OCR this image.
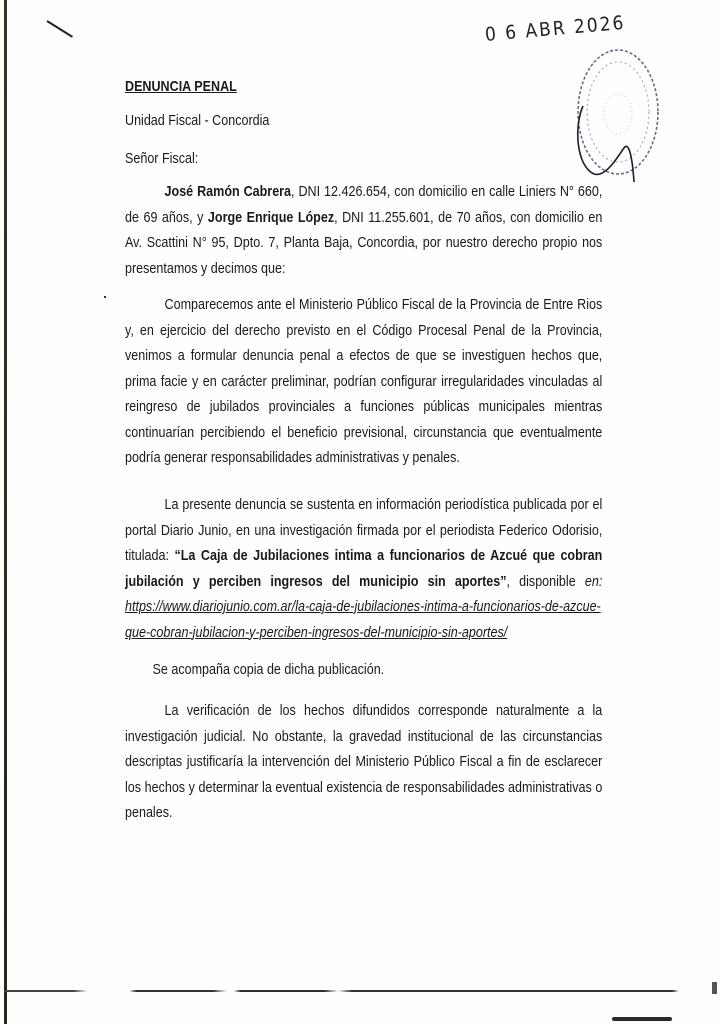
0 6 ABR 2026
DENUNCIA PENAL
Unidad Fiscal - Concordia
Señor Fiscal:
José Ramón Cabrera, DNI 12.426.654, con domicilio en calle Liniers N° 660, de 69 años, y Jorge Enrique López, DNI 11.255.601, de 70 años, con domicilio en Av. Scattini N° 95, Dpto. 7, Planta Baja, Concordia, por nuestro derecho propio nos presentamos y decimos que:
Comparecemos ante el Ministerio Público Fiscal de la Provincia de Entre Rios y, en ejercicio del derecho previsto en el Código Procesal Penal de la Provincia, venimos a formular denuncia penal a efectos de que se investiguen hechos que, prima facie y en carácter preliminar, podrían configurar irregularidades vinculadas al reingreso de jubilados provinciales a funciones públicas municipales mientras continuarían percibiendo el beneficio previsional, circunstancia que eventualmente podría generar responsabilidades administrativas y penales.
La presente denuncia se sustenta en información periodística publicada por el portal Diario Junio, en una investigación firmada por el periodista Federico Odorisio, titulada: “La Caja de Jubilaciones intima a funcionarios de Azcué que cobran jubilación y perciben ingresos del municipio sin aportes”, disponible en: https://www.diariojunio.com.ar/la-caja-de-jubilaciones-intima-a-funcionarios-de-azcue-que-cobran-jubilacion-y-perciben-ingresos-del-municipio-sin-aportes/
Se acompaña copia de dicha publicación.
La verificación de los hechos difundidos corresponde naturalmente a la investigación judicial. No obstante, la gravedad institucional de las circunstancias descriptas justificaría la intervención del Ministerio Público Fiscal a fin de esclarecer los hechos y determinar la eventual existencia de responsabilidades administrativas o penales.
